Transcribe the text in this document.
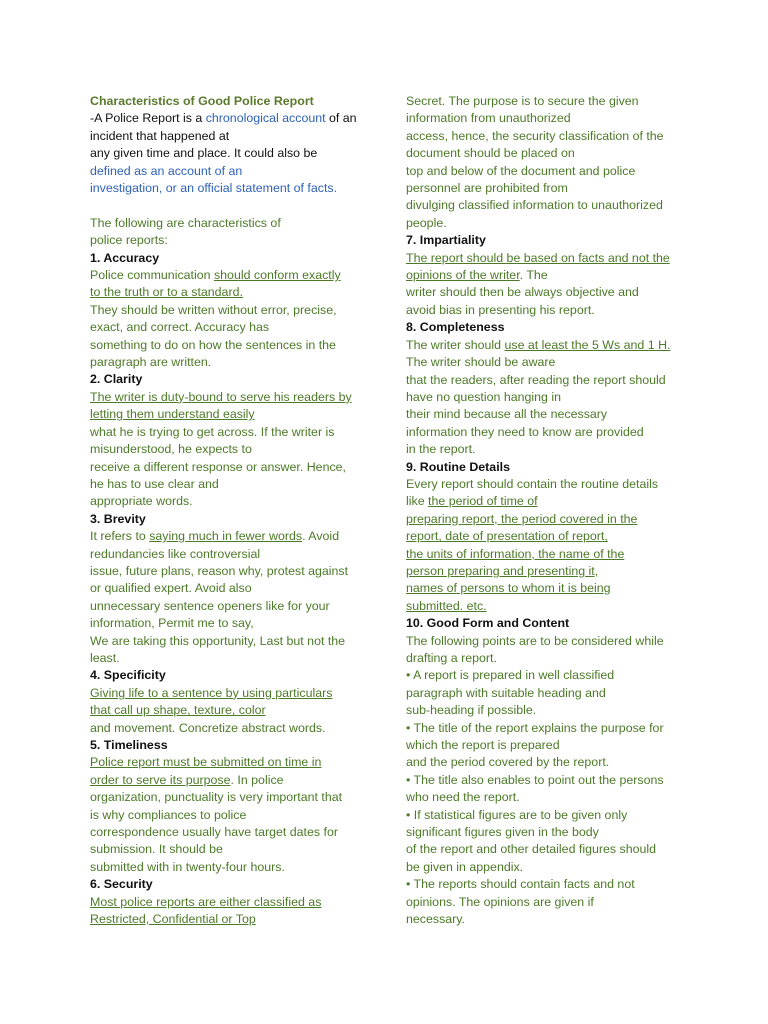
Characteristics of Good Police Report
-A Police Report is a chronological account of an
incident that happened at
any given time and place. It could also be
defined as an account of an
investigation, or an official statement of facts.
The following are characteristics of
police reports:
1. Accuracy
Police communication should conform exactly
to the truth or to a standard.
They should be written without error, precise,
exact, and correct. Accuracy has
something to do on how the sentences in the
paragraph are written.
2. Clarity
The writer is duty-bound to serve his readers by
letting them understand easily
what he is trying to get across. If the writer is
misunderstood, he expects to
receive a different response or answer. Hence,
he has to use clear and
appropriate words.
3. Brevity
It refers to saying much in fewer words. Avoid
redundancies like controversial
issue, future plans, reason why, protest against
or qualified expert. Avoid also
unnecessary sentence openers like for your
information, Permit me to say,
We are taking this opportunity, Last but not the
least.
4. Specificity
Giving life to a sentence by using particulars
that call up shape, texture, color
and movement. Concretize abstract words.
5. Timeliness
Police report must be submitted on time in
order to serve its purpose. In police
organization, punctuality is very important that
is why compliances to police
correspondence usually have target dates for
submission. It should be
submitted with in twenty-four hours.
6. Security
Most police reports are either classified as
Restricted, Confidential or Top
Secret. The purpose is to secure the given
information from unauthorized
access, hence, the security classification of the
document should be placed on
top and below of the document and police
personnel are prohibited from
divulging classified information to unauthorized
people.
7. Impartiality
The report should be based on facts and not the
opinions of the writer. The
writer should then be always objective and
avoid bias in presenting his report.
8. Completeness
The writer should use at least the 5 Ws and 1 H.
The writer should be aware
that the readers, after reading the report should
have no question hanging in
their mind because all the necessary
information they need to know are provided
in the report.
9. Routine Details
Every report should contain the routine details
like the period of time of
preparing report, the period covered in the
report, date of presentation of report,
the units of information, the name of the
person preparing and presenting it,
names of persons to whom it is being
submitted. etc.
10. Good Form and Content
The following points are to be considered while
drafting a report.
• A report is prepared in well classified
paragraph with suitable heading and
sub-heading if possible.
• The title of the report explains the purpose for
which the report is prepared
and the period covered by the report.
• The title also enables to point out the persons
who need the report.
• If statistical figures are to be given only
significant figures given in the body
of the report and other detailed figures should
be given in appendix.
• The reports should contain facts and not
opinions. The opinions are given if
necessary.
